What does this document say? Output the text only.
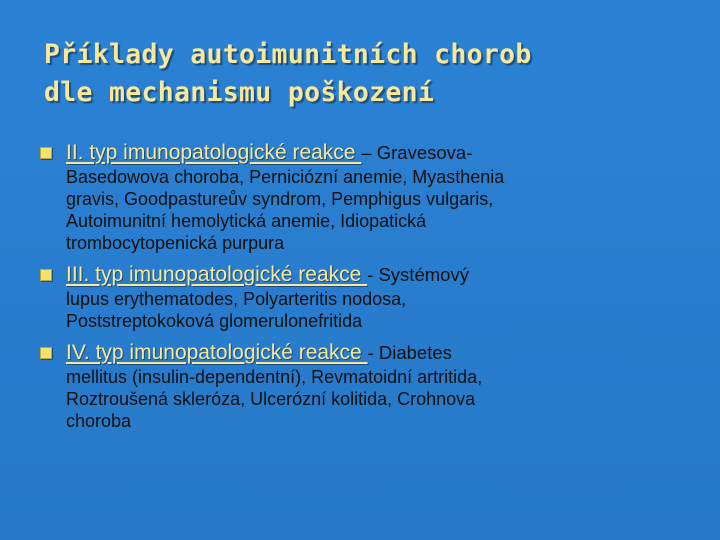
Příklady autoimunitních chorob
dle mechanismu poškození
II. typ imunopatologické reakce – Gravesova-
Basedowova choroba, Perniciózní anemie, Myasthenia
gravis, Goodpastureův syndrom, Pemphigus vulgaris,
Autoimunitní hemolytická anemie, Idiopatická
trombocytopenická purpura
III. typ imunopatologické reakce - Systémový
lupus erythematodes, Polyarteritis nodosa,
Poststreptokoková glomerulonefritida
IV. typ imunopatologické reakce - Diabetes
mellitus (insulin-dependentní), Revmatoidní artritida,
Roztroušená skleróza, Ulcerózní kolitida, Crohnova
choroba
